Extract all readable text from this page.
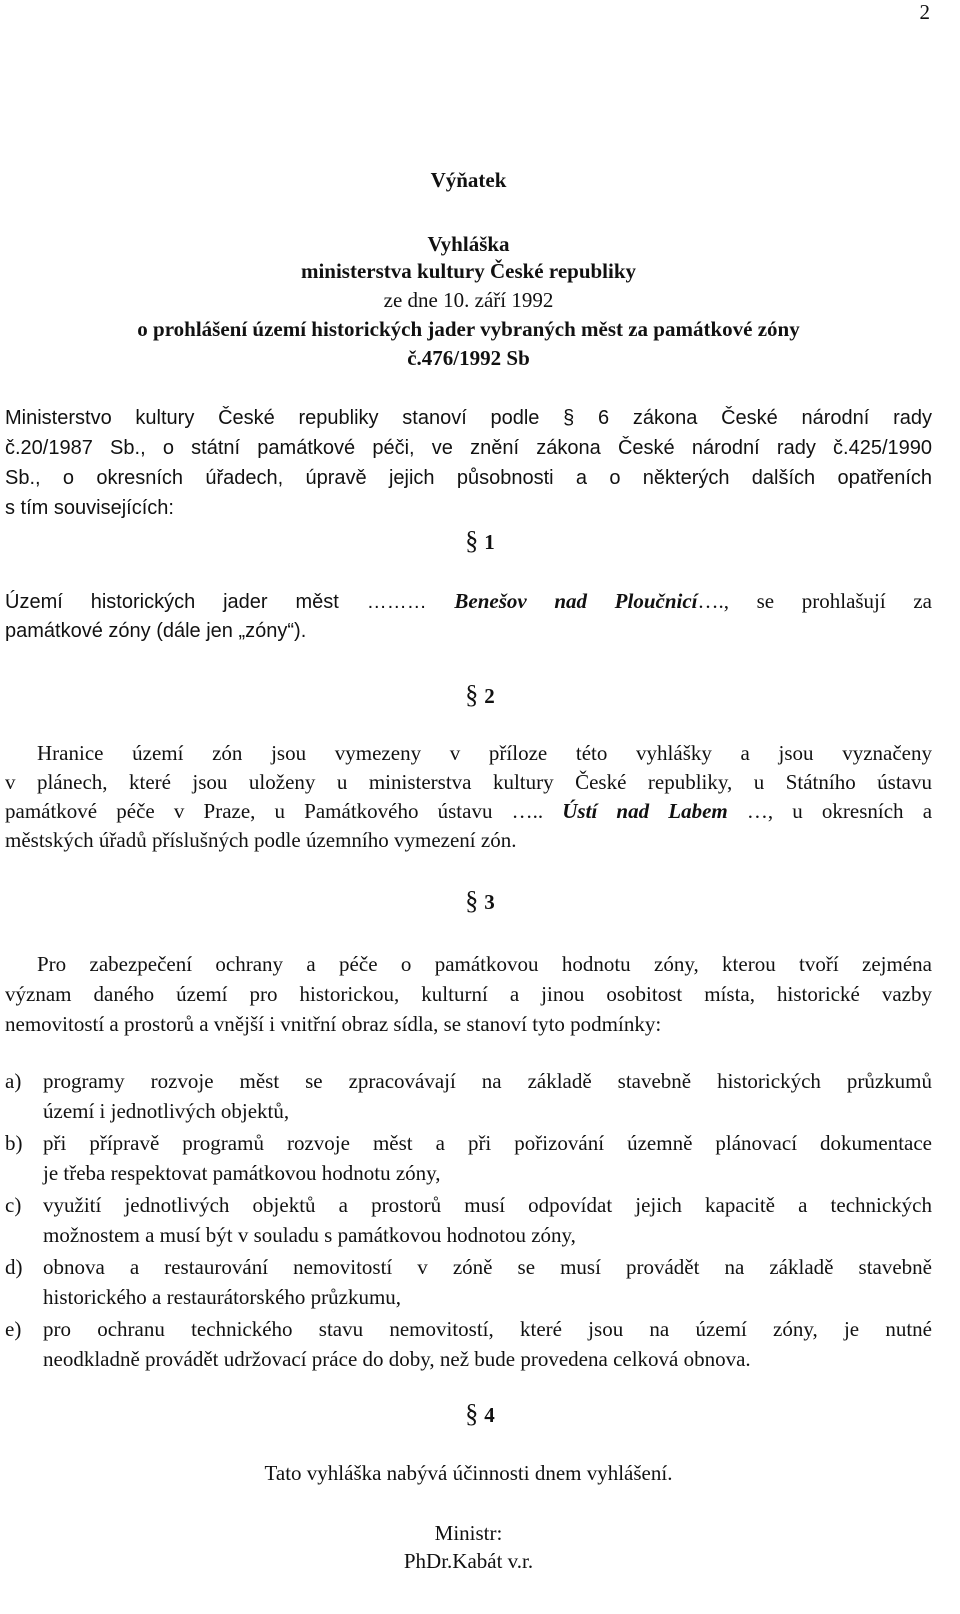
2
Výňatek
Vyhláška
ministerstva kultury České republiky
ze dne 10. září 1992
o prohlášení území historických jader vybraných měst za památkové zóny
č.476/1992 Sb
Ministerstvo kultury České republiky stanoví podle § 6 zákona České národní rady
č.20/1987 Sb., o státní památkové péči, ve znění zákona České národní rady č.425/1990
Sb., o okresních úřadech, úpravě jejich působnosti a o některých dalších opatřeních
s tím souvisejících:
§ 1
Území historických jader měst ……… Benešov nad Ploučnicí…., se prohlašují za
památkové zóny (dále jen „zóny“).
§ 2
Hranice území zón jsou vymezeny v příloze této vyhlášky a jsou vyznačeny
v plánech, které jsou uloženy u ministerstva kultury České republiky, u Státního ústavu
památkové péče v Praze, u Památkového ústavu ….. Ústí nad Labem …, u okresních a
městských úřadů příslušných podle územního vymezení zón.
§ 3
Pro zabezpečení ochrany a péče o památkovou hodnotu zóny, kterou tvoří zejména
význam daného území pro historickou, kulturní a jinou osobitost místa, historické vazby
nemovitostí a prostorů a vnější i vnitřní obraz sídla, se stanoví tyto podmínky:
a) programy rozvoje měst se zpracovávají na základě stavebně historických průzkumů
území i jednotlivých objektů,
b) při přípravě programů rozvoje měst a při pořizování územně plánovací dokumentace
je třeba respektovat památkovou hodnotu zóny,
c) využití jednotlivých objektů a prostorů musí odpovídat jejich kapacitě a technických
možnostem a musí být v souladu s památkovou hodnotou zóny,
d) obnova a restaurování nemovitostí v zóně se musí provádět na základě stavebně
historického a restaurátorského průzkumu,
e) pro ochranu technického stavu nemovitostí, které jsou na území zóny, je nutné
neodkladně provádět udržovací práce do doby, než bude provedena celková obnova.
§ 4
Tato vyhláška nabývá účinnosti dnem vyhlášení.
Ministr:
PhDr.Kabát v.r.
